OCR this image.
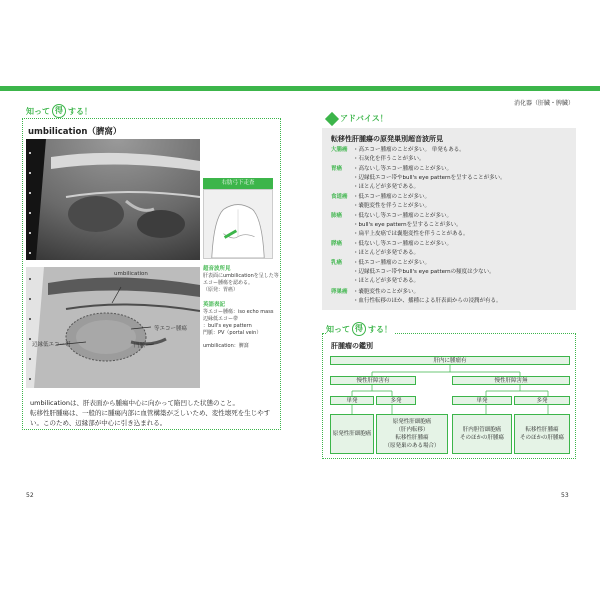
消化器（肝臓・脾臓）
知って 得 する！
umbilication（臍窩）
umbilication
等エコー腫瘍
辺縁低エコー帯	門脈
右肋弓下走査
超音波所見
肝表面にumbilicationを呈した等
エコー腫瘍を認める。
（原発：胃癌）
英語表記
等エコー腫瘍：iso echo mass
辺縁低エコー帯
：bull's eye pattern
門脈：PV（portal vein）
umbilication：臍窩

umbilicationは、肝表面から腫瘍中心に向かって陥凹した状態のこと。

転移性肝腫瘍は、一般的に腫瘍内部に血管構築が乏しいため、変性壊死を生じやす

い。このため、辺縁部が中心に引き込まれる。

52
アドバイス！
転移性肝腫瘍の原発巣別超音波所見
大腸癌 ・高エコー腫瘤のことが多い。 単発もある。
・石灰化を伴うことが多い。
胃癌	・高ないし等エコー腫瘤のことが多い。
・辺縁低エコー帯やbull's eye patternを呈することが多い。
・ほとんどが多発である。
食道癌 ・低エコー腫瘤のことが多い。
・嚢胞変性を伴うことが多い。
肺癌	・低ないし等エコー腫瘤のことが多い。
・bull's eye patternを呈することが多い。
・扁平上皮癌では嚢胞変性を伴うことがある。
膵癌	・低ないし等エコー腫瘤のことが多い。
・ほとんどが多発である。
乳癌	・低エコー腫瘤のことが多い。
・辺縁低エコー帯やbull's eye patternの頻度は少ない。
・ほとんどが多発である。
卵巣癌 ・嚢胞変性のことが多い。
・血行性転移のほか、播種による肝表面からの浸潤が有る。
知って 得 する！
肝腫瘤の鑑別
肝内に腫瘤有
慢性肝障害有	慢性肝障害無
単発	多発	単発	多発
原発性肝細胞癌
原発性肝細胞癌
（肝内転移）
転移性肝腫瘍
（原発巣のある場合）
肝内胆管細胞癌
そのほかの肝腫瘍
転移性肝腫瘍
そのほかの肝腫瘍
53
